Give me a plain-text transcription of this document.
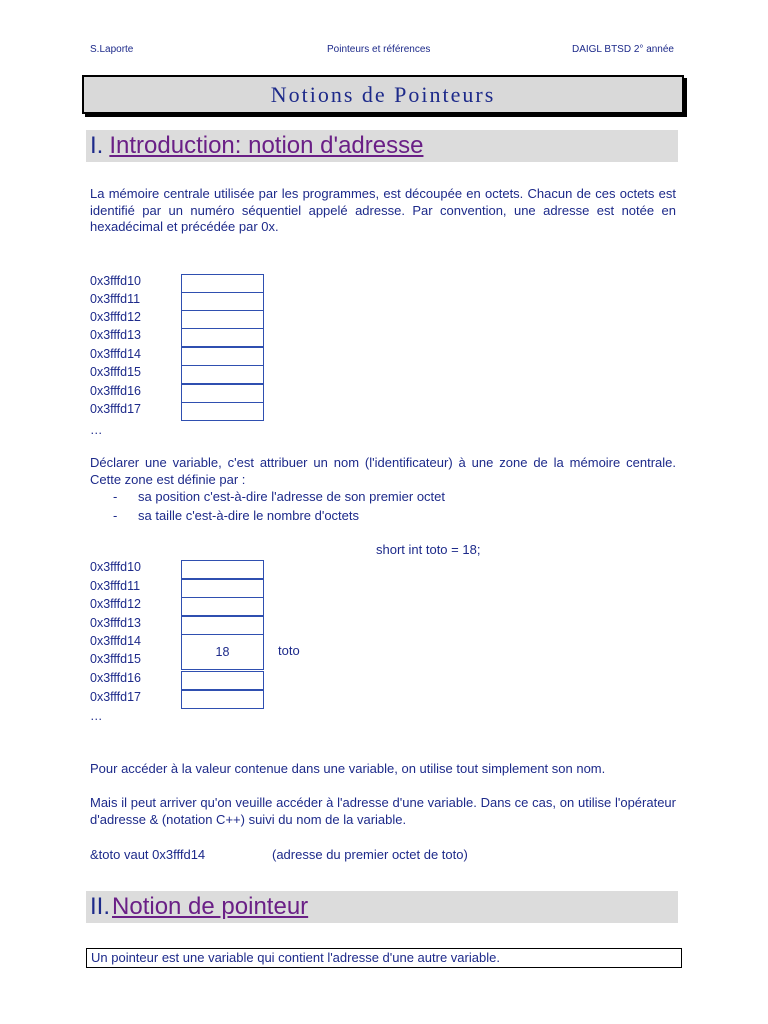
S.Laporte	Pointeurs et références	DAIGL BTSD 2° année
Notions de Pointeurs
I. Introduction: notion d'adresse
La mémoire centrale utilisée par les programmes, est découpée en octets. Chacun de ces octets est identifié par un numéro séquentiel appelé adresse. Par convention, une adresse est notée en hexadécimal et précédée par 0x.
0x3fffd10
0x3fffd11
0x3fffd12
0x3fffd13
0x3fffd14
0x3fffd15
0x3fffd16
0x3fffd17
…
Déclarer une variable, c'est attribuer un nom (l'identificateur) à une zone de la mémoire centrale. Cette zone est définie par :
- sa position c'est-à-dire l'adresse de son premier octet
- sa taille c'est-à-dire le nombre d'octets
short int toto = 18;
0x3fffd10
0x3fffd11
0x3fffd12
0x3fffd13
0x3fffd14
0x3fffd15
0x3fffd16
0x3fffd17
…
18	toto
Pour accéder à la valeur contenue dans une variable, on utilise tout simplement son nom.
Mais il peut arriver qu'on veuille accéder à l'adresse d'une variable. Dans ce cas, on utilise l'opérateur d'adresse & (notation C++) suivi du nom de la variable.
&toto vaut 0x3fffd14	(adresse du premier octet de toto)
II. Notion de pointeur
Un pointeur est une variable qui contient l'adresse d'une autre variable.
